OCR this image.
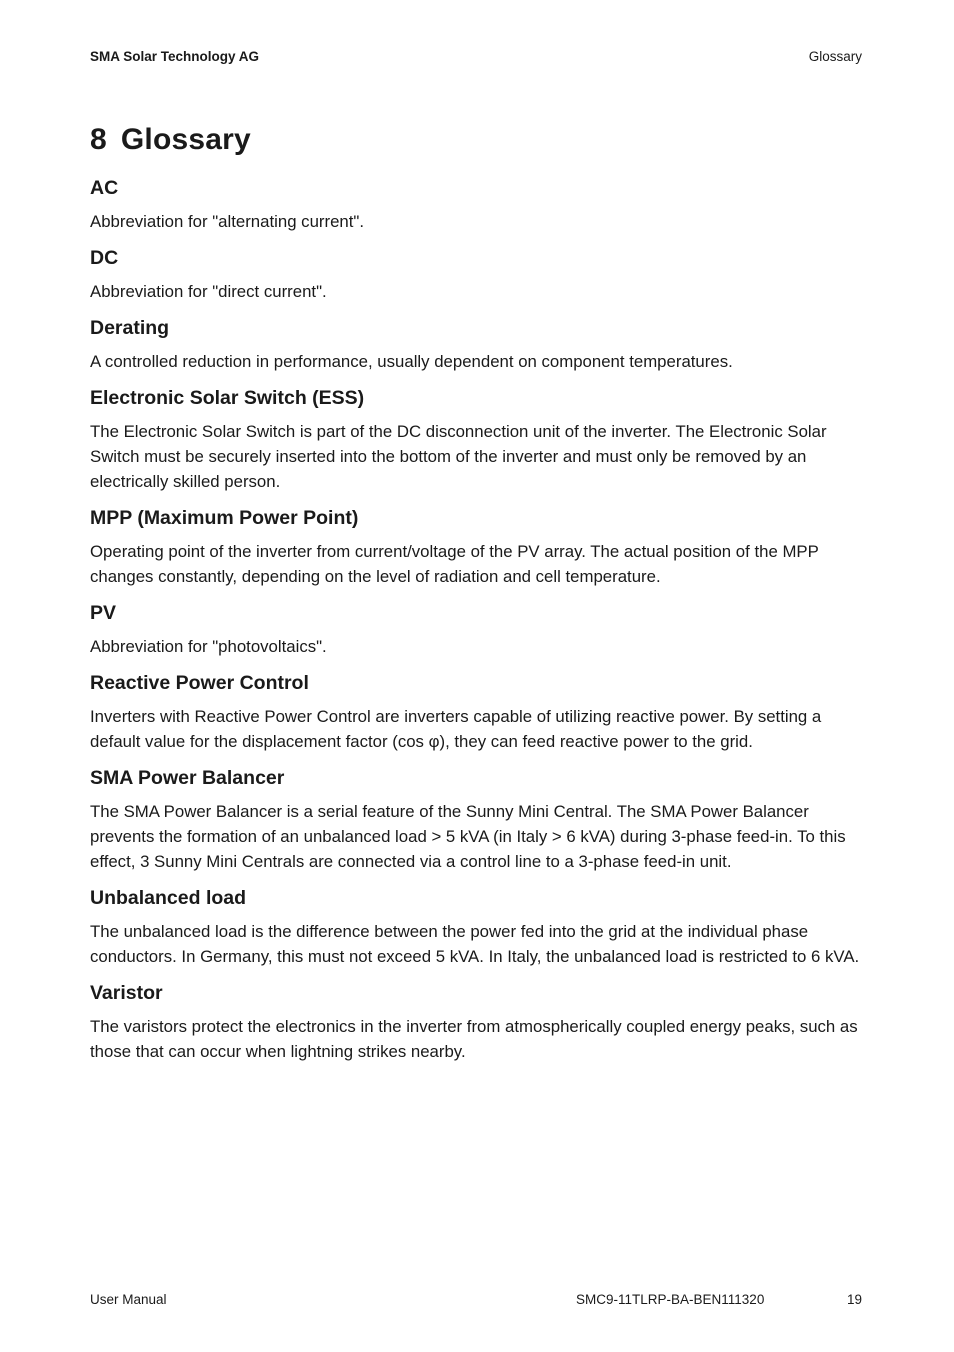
SMA Solar Technology AG	Glossary
8 Glossary
AC

Abbreviation for "alternating current".

DC

Abbreviation for "direct current".

Derating

A controlled reduction in performance, usually dependent on component temperatures.

Electronic Solar Switch (ESS)

The Electronic Solar Switch is part of the DC disconnection unit of the inverter. The Electronic Solar Switch must be securely inserted into the bottom of the inverter and must only be removed by an electrically skilled person.

MPP (Maximum Power Point)

Operating point of the inverter from current/voltage of the PV array. The actual position of the MPP changes constantly, depending on the level of radiation and cell temperature.

PV

Abbreviation for "photovoltaics".

Reactive Power Control

Inverters with Reactive Power Control are inverters capable of utilizing reactive power. By setting a default value for the displacement factor (cos φ), they can feed reactive power to the grid.

SMA Power Balancer

The SMA Power Balancer is a serial feature of the Sunny Mini Central. The SMA Power Balancer prevents the formation of an unbalanced load > 5 kVA (in Italy > 6 kVA) during 3-phase feed-in. To this effect, 3 Sunny Mini Centrals are connected via a control line to a 3-phase feed-in unit.

Unbalanced load

The unbalanced load is the difference between the power fed into the grid at the individual phase conductors. In Germany, this must not exceed 5 kVA. In Italy, the unbalanced load is restricted to 6 kVA.

Varistor

The varistors protect the electronics in the inverter from atmospherically coupled energy peaks, such as those that can occur when lightning strikes nearby.

User Manual	SMC9-11TLRP-BA-BEN111320	19
